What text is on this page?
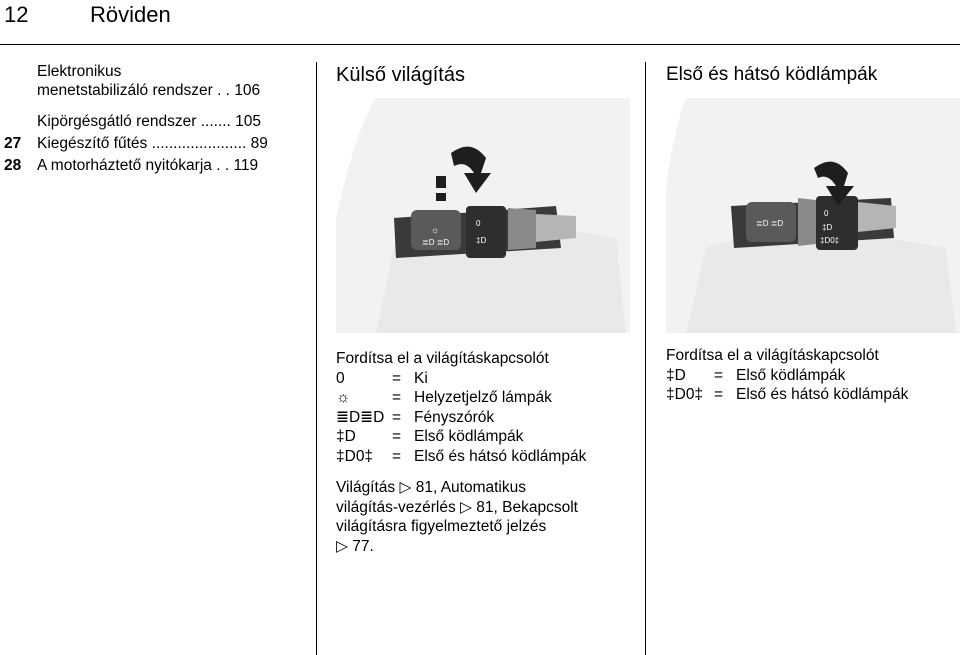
12	Röviden
Elektronikus
menetstabilizáló rendszer . . 106
Kipörgésgátló rendszer ....... 105
27	Kiegészítő fűtés ...................... 89
28	A motorháztető nyitókarja . . 119
Külső világítás
☼
≣D ≣D
0
‡D
Fordítsa el a világításkapcsolót
0	= Ki
☼	= Helyzetjelző lámpák
≣D≣D = Fényszórók
‡D	= Első ködlámpák
‡D0‡	= Első és hátsó ködlámpák
Világítás ▷ 81, Automatikus
világítás-vezérlés ▷ 81, Bekapcsolt
világításra figyelmeztető jelzés
▷ 77.
Első és hátsó ködlámpák
≣D ≣D
0
‡D
‡D0‡
Fordítsa el a világításkapcsolót
‡D	= Első ködlámpák
‡D0‡ = Első és hátsó ködlámpák
